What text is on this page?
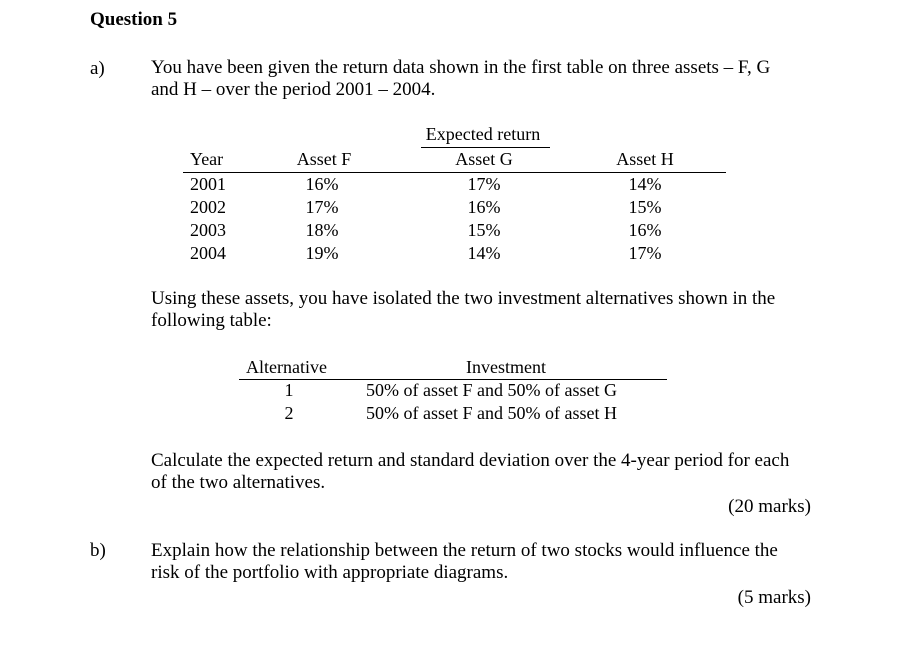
Question 5
a) You have been given the return data shown in the first table on three assets – F, G
and H – over the period 2001 – 2004.
Expected return
Year	Asset F	Asset G	Asset H
2001	16%	17%	14%
2002	17%	16%	15%
2003	18%	15%	16%
2004	19%	14%	17%
Using these assets, you have isolated the two investment alternatives shown in the
following table:
Alternative	Investment
1	50% of asset F and 50% of asset G
2	50% of asset F and 50% of asset H
Calculate the expected return and standard deviation over the 4-year period for each
of the two alternatives.
(20 marks)
b) Explain how the relationship between the return of two stocks would influence the
risk of the portfolio with appropriate diagrams.
(5 marks)
